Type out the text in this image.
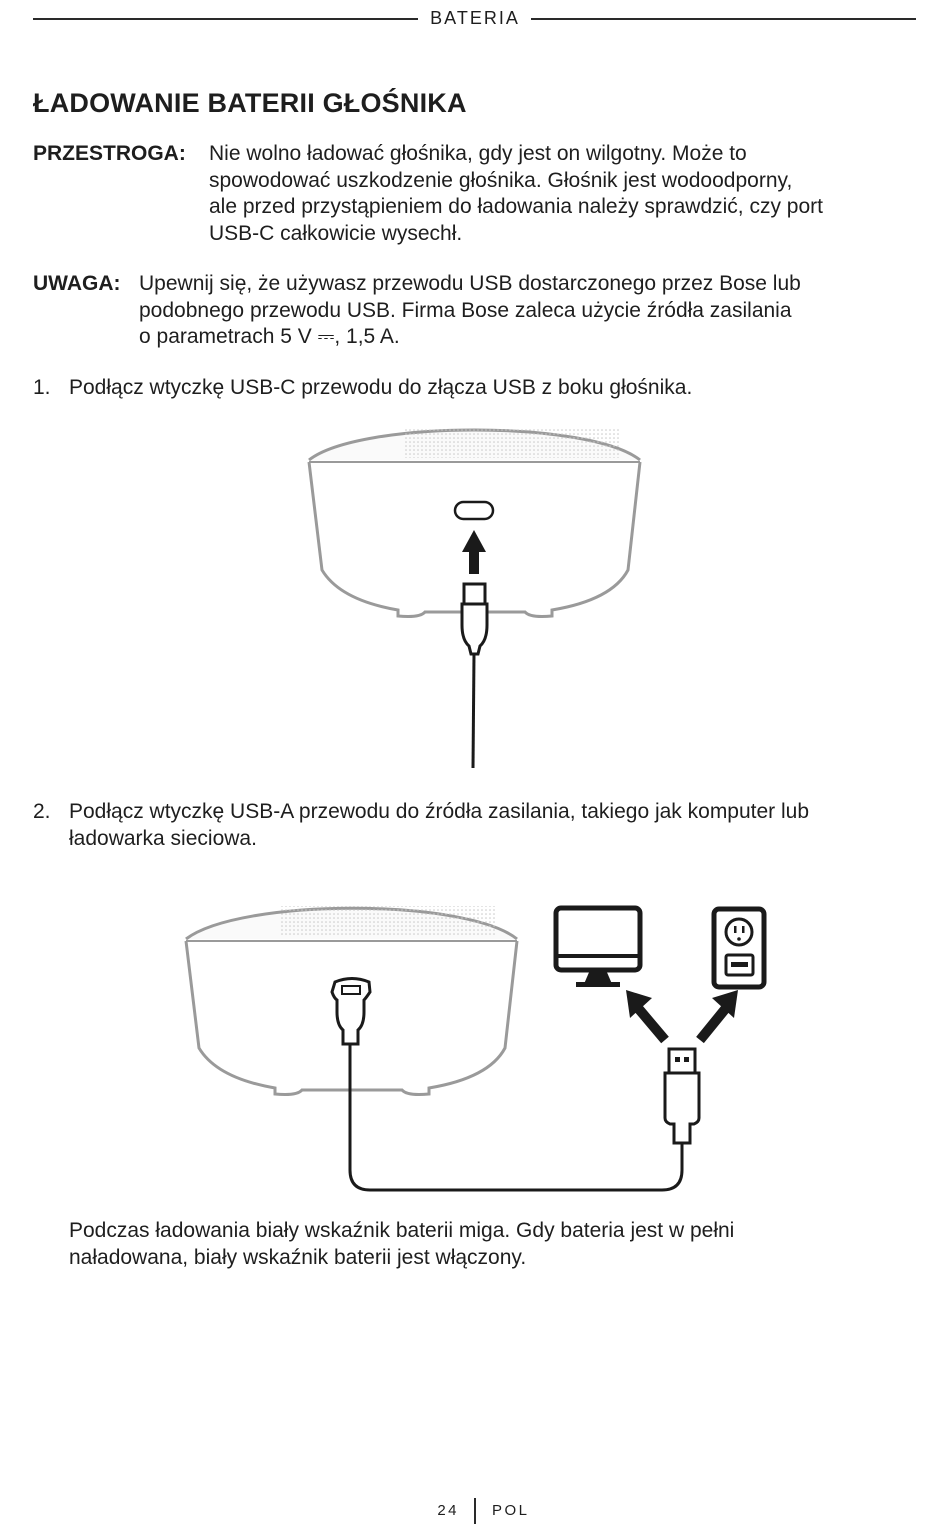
BATERIA
ŁADOWANIE BATERII GŁOŚNIKA
PRZESTROGA: Nie wolno ładować głośnika, gdy jest on wilgotny. Może to
spowodować uszkodzenie głośnika. Głośnik jest wodoodporny,
ale przed przystąpieniem do ładowania należy sprawdzić, czy port
USB-C całkowicie wysechł.
UWAGA: Upewnij się, że używasz przewodu USB dostarczonego przez Bose lub
podobnego przewodu USB. Firma Bose zaleca użycie źródła zasilania
o parametrach 5 V ⎓, 1,5 A.
1. Podłącz wtyczkę USB-C przewodu do złącza USB z boku głośnika.
2. Podłącz wtyczkę USB-A przewodu do źródła zasilania, takiego jak komputer lub
ładowarka sieciowa.
Podczas ładowania biały wskaźnik baterii miga. Gdy bateria jest w pełni
naładowana, biały wskaźnik baterii jest włączony.
24 POL
